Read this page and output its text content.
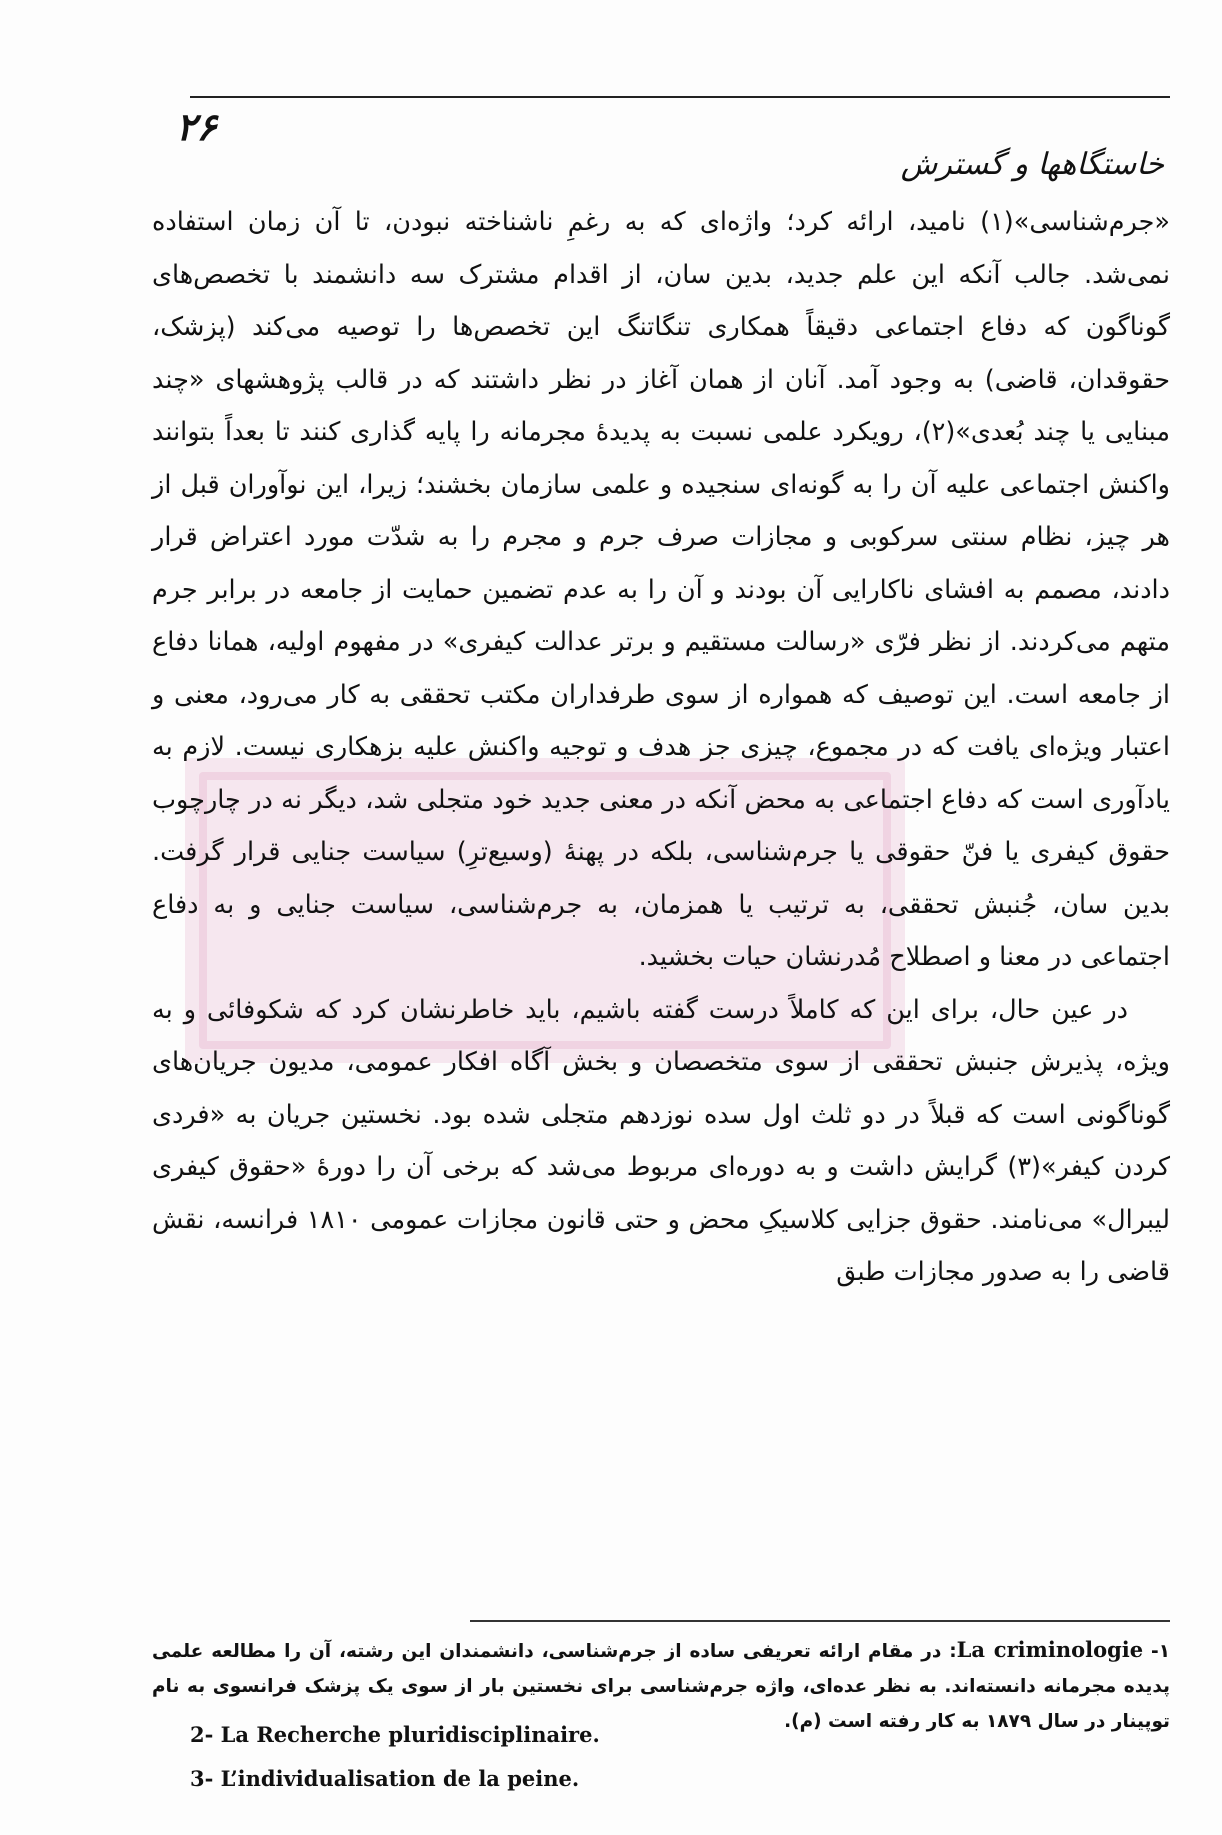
۲۶
خاستگاهها و گسترش

«جرم‌شناسی»(۱) نامید، ارائه کرد؛ واژه‌ای که به رغمِ ناشناخته نبودن، تا آن زمان استفاده نمی‌شد. جالب آنکه این علم جدید، بدین سان، از اقدام مشترک سه دانشمند با تخصص‌های گوناگون که دفاع اجتماعی دقیقاً همکاری تنگاتنگ این تخصص‌ها را توصیه می‌کند (پزشک، حقوقدان، قاضی) به وجود آمد. آنان از همان آغاز در نظر داشتند که در قالب پژوهشهای «چند مبنایی یا چند بُعدی»(۲)، رویکرد علمی نسبت به پدیدهٔ مجرمانه را پایه گذاری کنند تا بعداً بتوانند واکنش اجتماعی علیه آن را به گونه‌ای سنجیده و علمی سازمان بخشند؛ زیرا، این نوآوران قبل از هر چیز، نظام سنتی سرکوبی و مجازات صرف جرم و مجرم را به شدّت مورد اعتراض قرار دادند، مصمم به افشای ناکارایی آن بودند و آن را به عدم تضمین حمایت از جامعه در برابر جرم متهم می‌کردند. از نظر فرّی «رسالت مستقیم و برتر عدالت کیفری» در مفهوم اولیه، همانا دفاع از جامعه است. این توصیف که همواره از سوی طرفداران مکتب تحققی به کار می‌رود، معنی و اعتبار ویژه‌ای یافت که در مجموع، چیزی جز هدف و توجیه واکنش علیه بزهکاری نیست. لازم به یادآوری است که دفاع اجتماعی به محض آنکه در معنی جدید خود متجلی شد، دیگر نه در چارچوب حقوق کیفری یا فنّ حقوقی یا جرم‌شناسی، بلکه در پهنهٔ (وسیع‌ترِ) سیاست جنایی قرار گرفت. بدین سان، جُنبش تحققی، به ترتیب یا همزمان، به جرم‌شناسی، سیاست جنایی و به دفاع اجتماعی در معنا و اصطلاح مُدرنشان حیات بخشید.

در عین حال، برای این که کاملاً درست گفته باشیم، باید خاطرنشان کرد که شکوفائی و به ویژه، پذیرش جنبش تحققی از سوی متخصصان و بخش آگاه افکار عمومی، مدیون جریان‌های گوناگونی است که قبلاً در دو ثلث اول سده نوزدهم متجلی شده بود. نخستین جریان به «فردی کردن کیفر»(۳) گرایش داشت و به دوره‌ای مربوط می‌شد که برخی آن را دورهٔ «حقوق کیفری لیبرال» می‌نامند. حقوق جزایی کلاسیکِ محض و حتی قانون مجازات عمومی ۱۸۱۰ فرانسه، نقش قاضی را به صدور مجازات طبق

۱- La criminologie: در مقام ارائه تعریفی ساده از جرم‌شناسی، دانشمندان این رشته، آن را مطالعه علمی پدیده مجرمانه دانسته‌اند. به نظر عده‌ای، واژه جرم‌شناسی برای نخستین بار از سوی یک پزشک فرانسوی به نام توپینار در سال ۱۸۷۹ به کار رفته است (م).
2- La Recherche pluridisciplinaire.
3- L’individualisation de la peine.
